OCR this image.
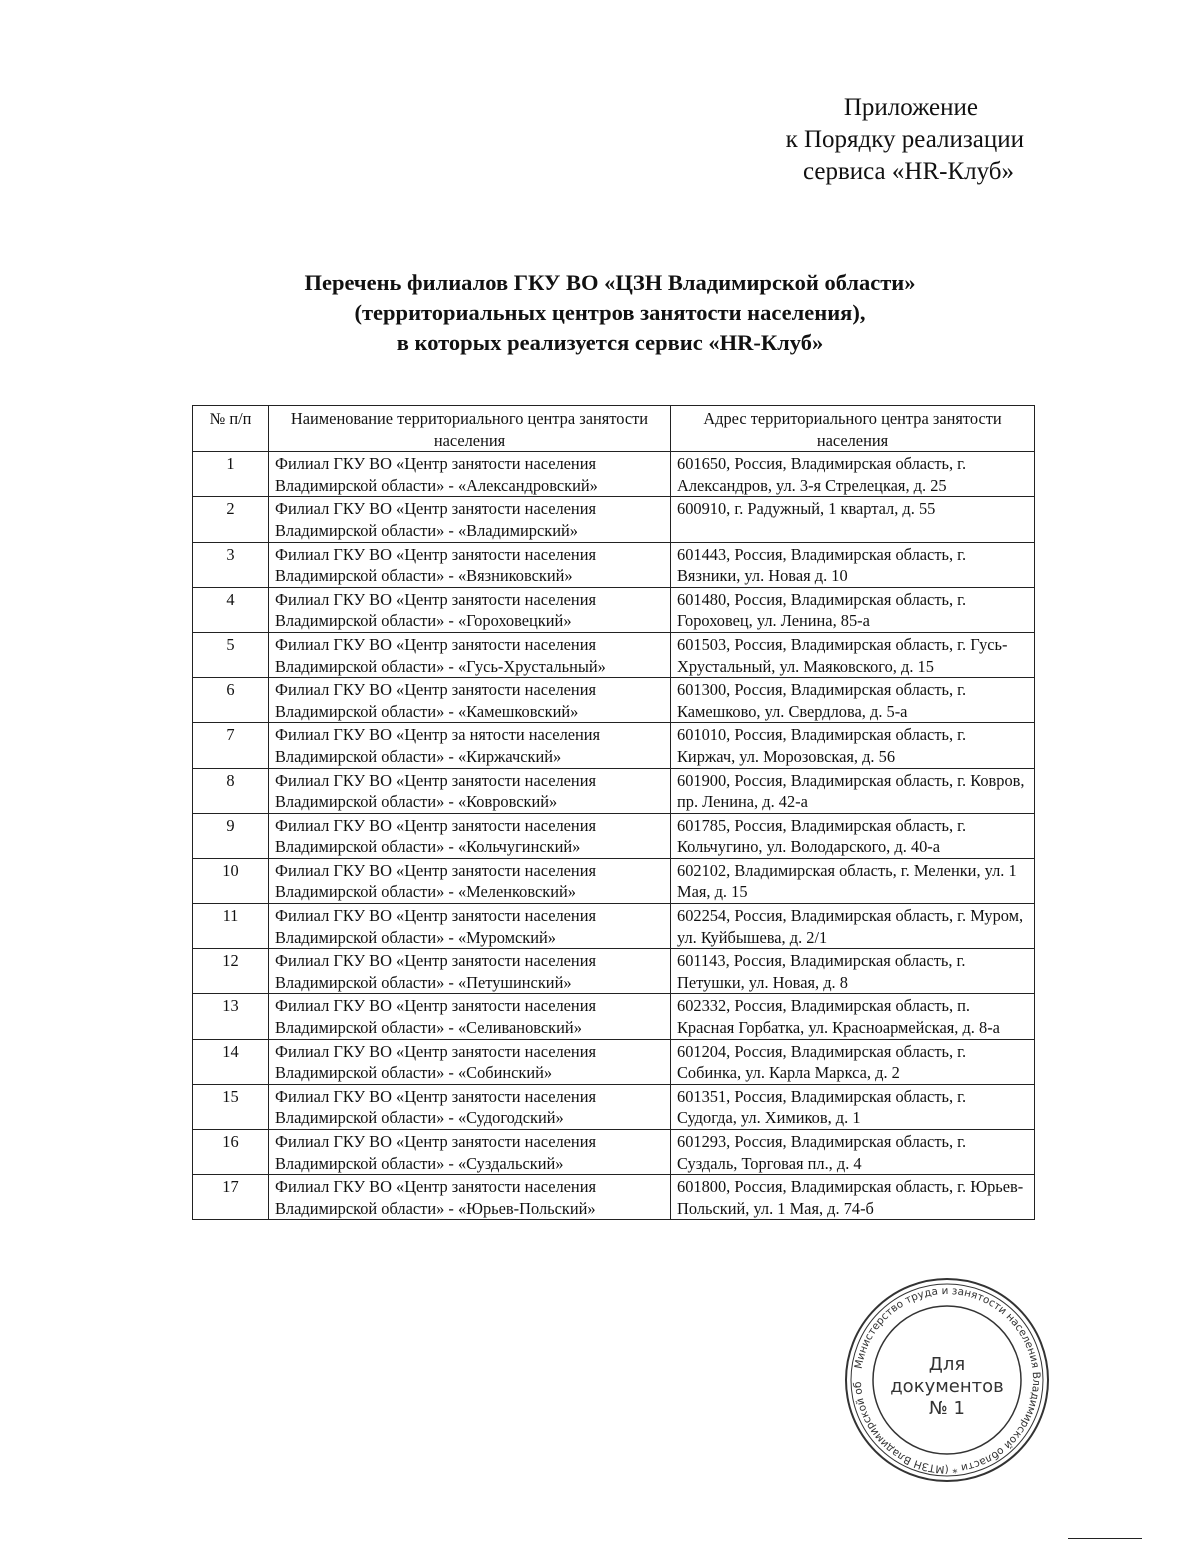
Приложение
к Порядку реализации
сервиса «HR-Клуб»
Перечень филиалов ГКУ ВО «ЦЗН Владимирской области»
(территориальных центров занятости населения),
в которых реализуется сервис «HR-Клуб»
№ п/п	Наименование территориального центра занятости населения	Адрес территориального центра занятости населения
1	Филиал ГКУ ВО «Центр занятости населения Владимирской области» - «Александровский»	601650, Россия, Владимирская область, г. Александров, ул. 3-я Стрелецкая, д. 25
2	Филиал ГКУ ВО «Центр занятости населения Владимирской области» - «Владимирский»	600910, г. Радужный, 1 квартал, д. 55
3	Филиал ГКУ ВО «Центр занятости населения Владимирской области» - «Вязниковский»	601443, Россия, Владимирская область, г. Вязники, ул. Новая д. 10
4	Филиал ГКУ ВО «Центр занятости населения Владимирской области» - «Гороховецкий»	601480, Россия, Владимирская область, г. Гороховец, ул. Ленина, 85-а
5	Филиал ГКУ ВО «Центр занятости населения Владимирской области» - «Гусь-Хрустальный»	601503, Россия, Владимирская область, г. Гусь-Хрустальный, ул. Маяковского, д. 15
6	Филиал ГКУ ВО «Центр занятости населения Владимирской области» - «Камешковский»	601300, Россия, Владимирская область, г. Камешково, ул. Свердлова, д. 5-а
7	Филиал ГКУ ВО «Центр за нятости населения Владимирской области» - «Киржачский»	601010, Россия, Владимирская область, г. Киржач, ул. Морозовская, д. 56
8	Филиал ГКУ ВО «Центр занятости населения Владимирской области» - «Ковровский»	601900, Россия, Владимирская область, г. Ковров, пр. Ленина, д. 42-а
9	Филиал ГКУ ВО «Центр занятости населения Владимирской области» - «Кольчугинский»	601785, Россия, Владимирская область, г. Кольчугино, ул. Володарского, д. 40-а
10	Филиал ГКУ ВО «Центр занятости населения Владимирской области» - «Меленковский»	602102, Владимирская область, г. Меленки, ул. 1 Мая, д. 15
11	Филиал ГКУ ВО «Центр занятости населения Владимирской области» - «Муромский»	602254, Россия, Владимирская область, г. Муром, ул. Куйбышева, д. 2/1
12	Филиал ГКУ ВО «Центр занятости населения Владимирской области» - «Петушинский»	601143, Россия, Владимирская область, г. Петушки, ул. Новая, д. 8
13	Филиал ГКУ ВО «Центр занятости населения Владимирской области» - «Селивановский»	602332, Россия, Владимирская область, п. Красная Горбатка, ул. Красноармейская, д. 8-а
14	Филиал ГКУ ВО «Центр занятости населения Владимирской области» - «Собинский»	601204, Россия, Владимирская область, г. Собинка, ул. Карла Маркса, д. 2
15	Филиал ГКУ ВО «Центр занятости населения Владимирской области» - «Судогодский»	601351, Россия, Владимирская область, г. Судогда, ул. Химиков, д. 1
16	Филиал ГКУ ВО «Центр занятости населения Владимирской области» - «Суздальский»	601293, Россия, Владимирская область, г. Суздаль, Торговая пл., д. 4
17	Филиал ГКУ ВО «Центр занятости населения Владимирской области» - «Юрьев-Польский»	601800, Россия, Владимирская область, г. Юрьев-Польский, ул. 1 Мая, д. 74-б
Министерство труда и занятости населения Владимирской области * (МТЗН Владимирской об
Для
документов
№ 1
